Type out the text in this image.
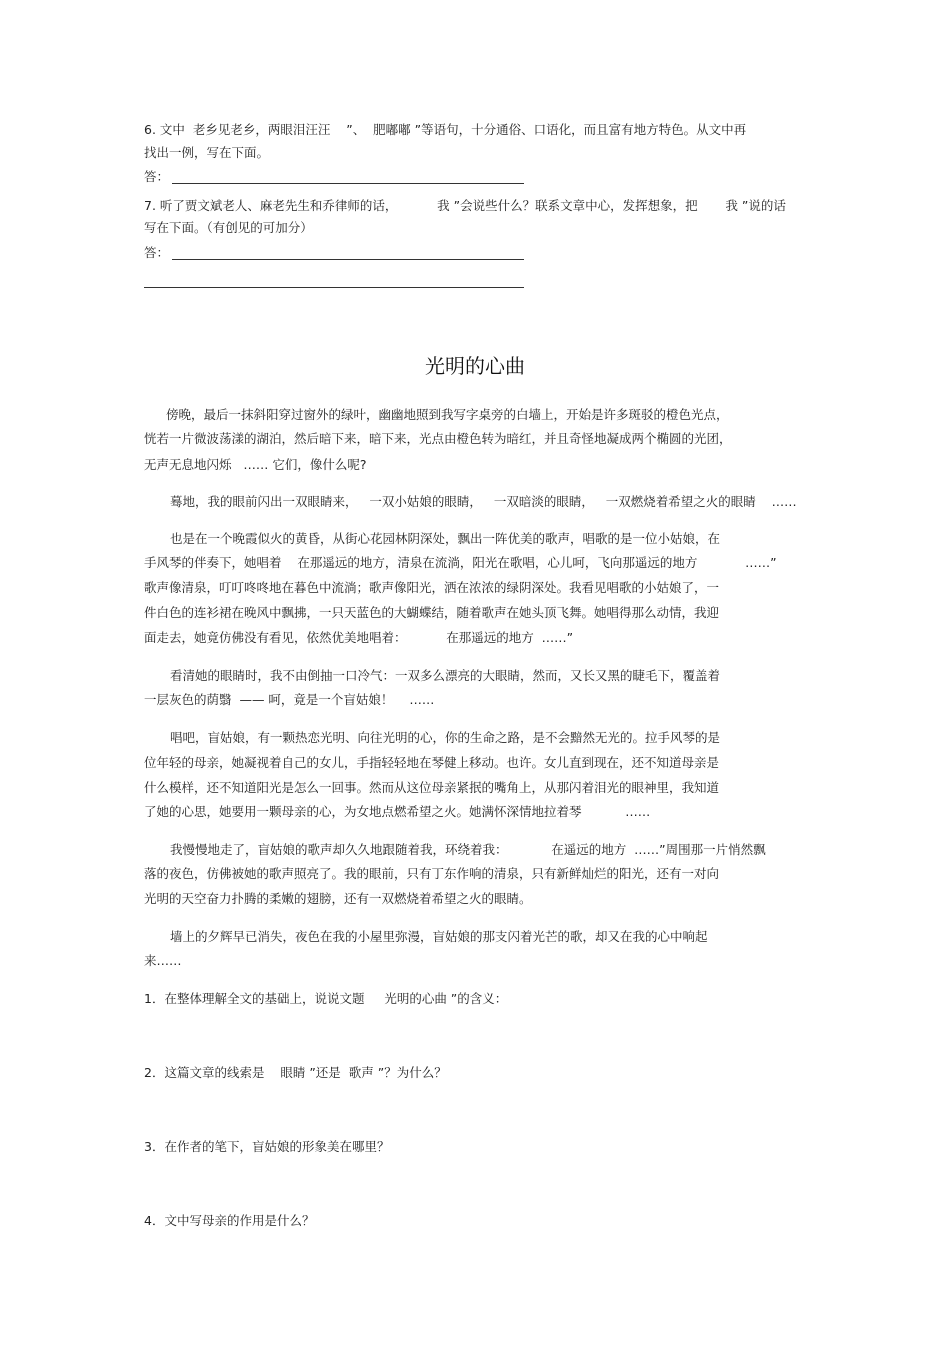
6. 文中  老乡见老乡，两眼泪汪汪    ”、  肥嘟嘟 ”等语句，十分通俗、口语化，而且富有地方特色。从文中再
找出一例，写在下面。
答：
7. 听了贾文斌老人、麻老先生和乔律师的话，          我 ”会说些什么？联系文章中心，发挥想象，把       我 ”说的话
写在下面。（有创见的可加分）
答：
光明的心曲
傍晚，最后一抹斜阳穿过窗外的绿叶，幽幽地照到我写字桌旁的白墙上，开始是许多斑驳的橙色光点，
恍若一片微波荡漾的湖泊，然后暗下来，暗下来，光点由橙色转为暗红，并且奇怪地凝成两个椭圆的光团，
无声无息地闪烁   …… 它们，像什么呢?
蓦地，我的眼前闪出一双眼睛来，   一双小姑娘的眼睛，   一双暗淡的眼睛，   一双燃烧着希望之火的眼睛    ……
也是在一个晚霞似火的黄昏，从街心花园林阴深处，飘出一阵优美的歌声，唱歌的是一位小姑娘，在
手风琴的伴奏下，她唱着    在那遥远的地方，清泉在流淌，阳光在歌唱，心儿呵，飞向那遥远的地方            ……”
歌声像清泉，叮叮咚咚地在暮色中流淌；歌声像阳光，洒在浓浓的绿阴深处。我看见唱歌的小姑娘了，一
件白色的连衫裙在晚风中飘拂，一只天蓝色的大蝴蝶结，随着歌声在她头顶飞舞。她唱得那么动情，我迎
面走去，她竟仿佛没有看见，依然优美地唱着：          在那遥远的地方  ……”
看清她的眼睛时，我不由倒抽一口冷气：一双多么漂亮的大眼睛，然而，又长又黑的睫毛下，覆盖着
一层灰色的荫翳  —— 呵，竟是一个盲姑娘！    ……
唱吧，盲姑娘，有一颗热恋光明、向往光明的心，你的生命之路，是不会黯然无光的。拉手风琴的是
位年轻的母亲，她凝视着自己的女儿，手指轻轻地在琴健上移动。也许。女儿直到现在，还不知道母亲是
什么模样，还不知道阳光是怎么一回事。然而从这位母亲紧抿的嘴角上，从那闪着泪光的眼神里，我知道
了她的心思，她要用一颗母亲的心，为女地点燃希望之火。她满怀深情地拉着琴           ……
我慢慢地走了，盲姑娘的歌声却久久地跟随着我，环绕着我：           在遥远的地方  ……”周围那一片悄然飘
落的夜色，仿佛被她的歌声照亮了。我的眼前，只有丁东作响的清泉，只有新鲜灿烂的阳光，还有一对向
光明的天空奋力扑腾的柔嫩的翅膀，还有一双燃烧着希望之火的眼睛。
墙上的夕辉早已消失，夜色在我的小屋里弥漫，盲姑娘的那支闪着光芒的歌，却又在我的心中响起
来……
1．在整体理解全文的基础上，说说文题     光明的心曲 ”的含义：
2．这篇文章的线索是    眼睛 ”还是  歌声 ”？为什么？
3．在作者的笔下，盲姑娘的形象美在哪里？
4．文中写母亲的作用是什么？
